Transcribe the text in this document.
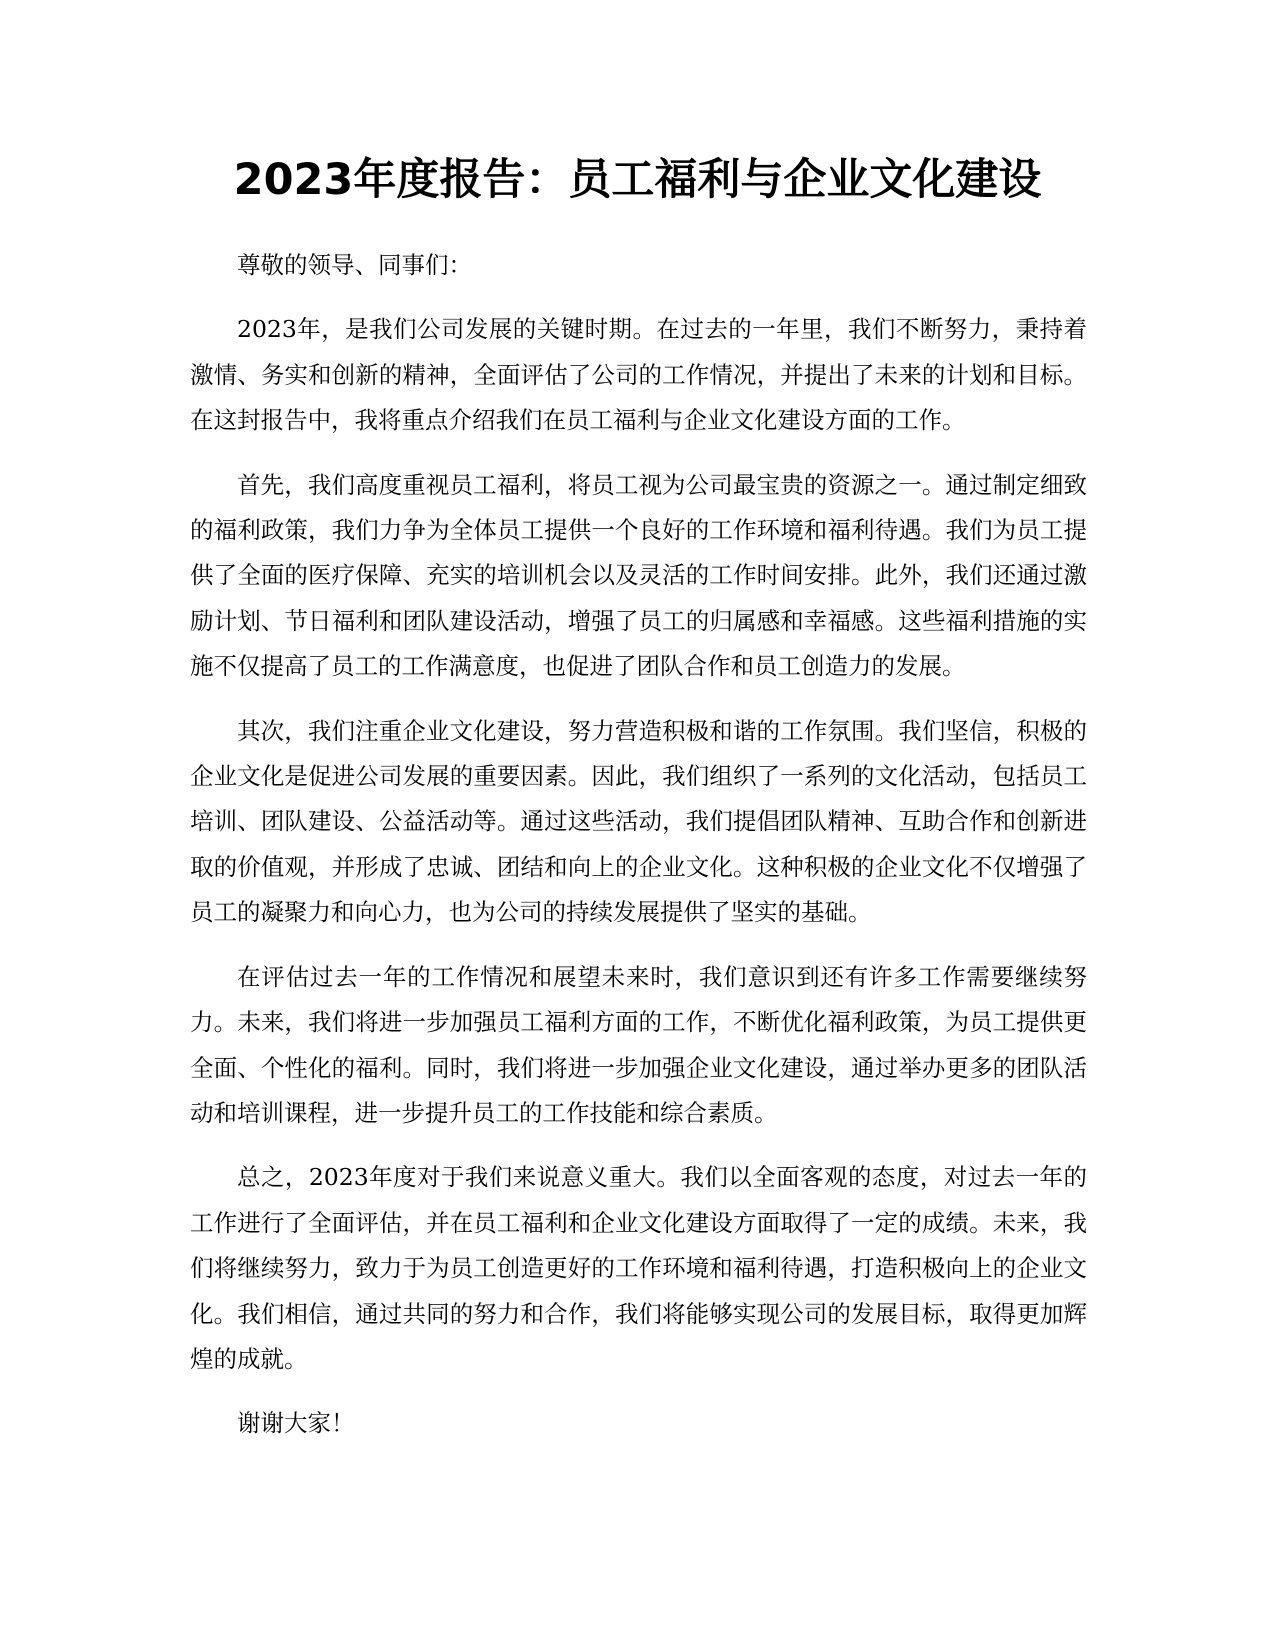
2023年度报告：员工福利与企业文化建设

尊敬的领导、同事们：

2023年，是我们公司发展的关键时期。在过去的一年里，我们不断努力，秉持着激情、务实和创新的精神，全面评估了公司的工作情况，并提出了未来的计划和目标。在这封报告中，我将重点介绍我们在员工福利与企业文化建设方面的工作。

首先，我们高度重视员工福利，将员工视为公司最宝贵的资源之一。通过制定细致的福利政策，我们力争为全体员工提供一个良好的工作环境和福利待遇。我们为员工提供了全面的医疗保障、充实的培训机会以及灵活的工作时间安排。此外，我们还通过激励计划、节日福利和团队建设活动，增强了员工的归属感和幸福感。这些福利措施的实施不仅提高了员工的工作满意度，也促进了团队合作和员工创造力的发展。

其次，我们注重企业文化建设，努力营造积极和谐的工作氛围。我们坚信，积极的企业文化是促进公司发展的重要因素。因此，我们组织了一系列的文化活动，包括员工培训、团队建设、公益活动等。通过这些活动，我们提倡团队精神、互助合作和创新进取的价值观，并形成了忠诚、团结和向上的企业文化。这种积极的企业文化不仅增强了员工的凝聚力和向心力，也为公司的持续发展提供了坚实的基础。

在评估过去一年的工作情况和展望未来时，我们意识到还有许多工作需要继续努力。未来，我们将进一步加强员工福利方面的工作，不断优化福利政策，为员工提供更全面、个性化的福利。同时，我们将进一步加强企业文化建设，通过举办更多的团队活动和培训课程，进一步提升员工的工作技能和综合素质。

总之，2023年度对于我们来说意义重大。我们以全面客观的态度，对过去一年的工作进行了全面评估，并在员工福利和企业文化建设方面取得了一定的成绩。未来，我们将继续努力，致力于为员工创造更好的工作环境和福利待遇，打造积极向上的企业文化。我们相信，通过共同的努力和合作，我们将能够实现公司的发展目标，取得更加辉煌的成就。

谢谢大家！
